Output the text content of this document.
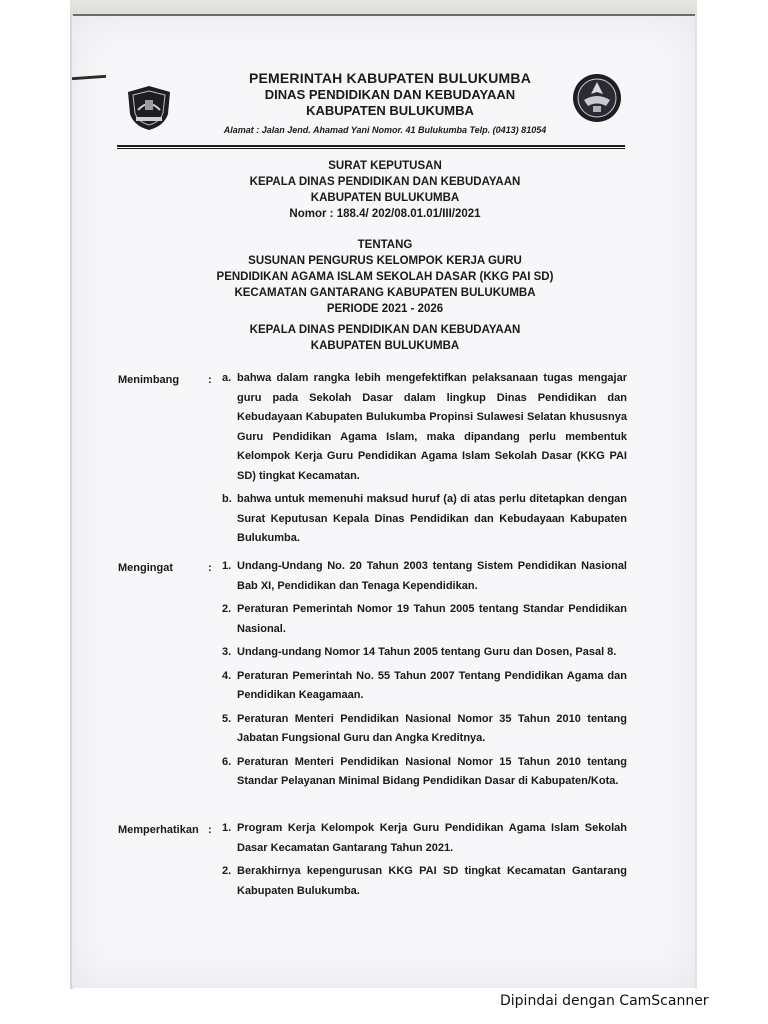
PEMERINTAH KABUPATEN BULUKUMBA
DINAS PENDIDIKAN DAN KEBUDAYAAN
KABUPATEN BULUKUMBA
Alamat : Jalan Jend. Ahamad Yani Nomor. 41 Bulukumba Telp. (0413) 81054
SURAT KEPUTUSAN
KEPALA DINAS PENDIDIKAN DAN KEBUDAYAAN
KABUPATEN BULUKUMBA
Nomor : 188.4/ 202/08.01.01/III/2021
TENTANG
SUSUNAN PENGURUS KELOMPOK KERJA GURU
PENDIDIKAN AGAMA ISLAM SEKOLAH DASAR (KKG PAI SD)
KECAMATAN GANTARANG KABUPATEN BULUKUMBA
PERIODE 2021 - 2026
KEPALA DINAS PENDIDIKAN DAN KEBUDAYAAN
KABUPATEN BULUKUMBA
Menimbang	: a. bahwa dalam rangka lebih mengefektifkan pelaksanaan tugas mengajar guru pada Sekolah Dasar dalam lingkup Dinas Pendidikan dan Kebudayaan Kabupaten Bulukumba Propinsi Sulawesi Selatan khususnya Guru Pendidikan Agama Islam, maka dipandang perlu membentuk Kelompok Kerja Guru Pendidikan Agama Islam Sekolah Dasar (KKG PAI SD) tingkat Kecamatan.
b. bahwa untuk memenuhi maksud huruf (a) di atas perlu ditetapkan dengan Surat Keputusan Kepala Dinas Pendidikan dan Kebudayaan Kabupaten Bulukumba.
Mengingat	: 1. Undang-Undang No. 20 Tahun 2003 tentang Sistem Pendidikan Nasional Bab XI, Pendidikan dan Tenaga Kependidikan.
2. Peraturan Pemerintah Nomor 19 Tahun 2005 tentang Standar Pendidikan Nasional.
3. Undang-undang Nomor 14 Tahun 2005 tentang Guru dan Dosen, Pasal 8.
4. Peraturan Pemerintah No. 55 Tahun 2007 Tentang Pendidikan Agama dan Pendidikan Keagamaan.
5. Peraturan Menteri Pendidikan Nasional Nomor 35 Tahun 2010 tentang Jabatan Fungsional Guru dan Angka Kreditnya.
6. Peraturan Menteri Pendidikan Nasional Nomor 15 Tahun 2010 tentang Standar Pelayanan Minimal Bidang Pendidikan Dasar di Kabupaten/Kota.
Memperhatikan : 1. Program Kerja Kelompok Kerja Guru Pendidikan Agama Islam Sekolah Dasar Kecamatan Gantarang Tahun 2021.
2. Berakhirnya kepengurusan KKG PAI SD tingkat Kecamatan Gantarang Kabupaten Bulukumba.
Dipindai dengan CamScanner
